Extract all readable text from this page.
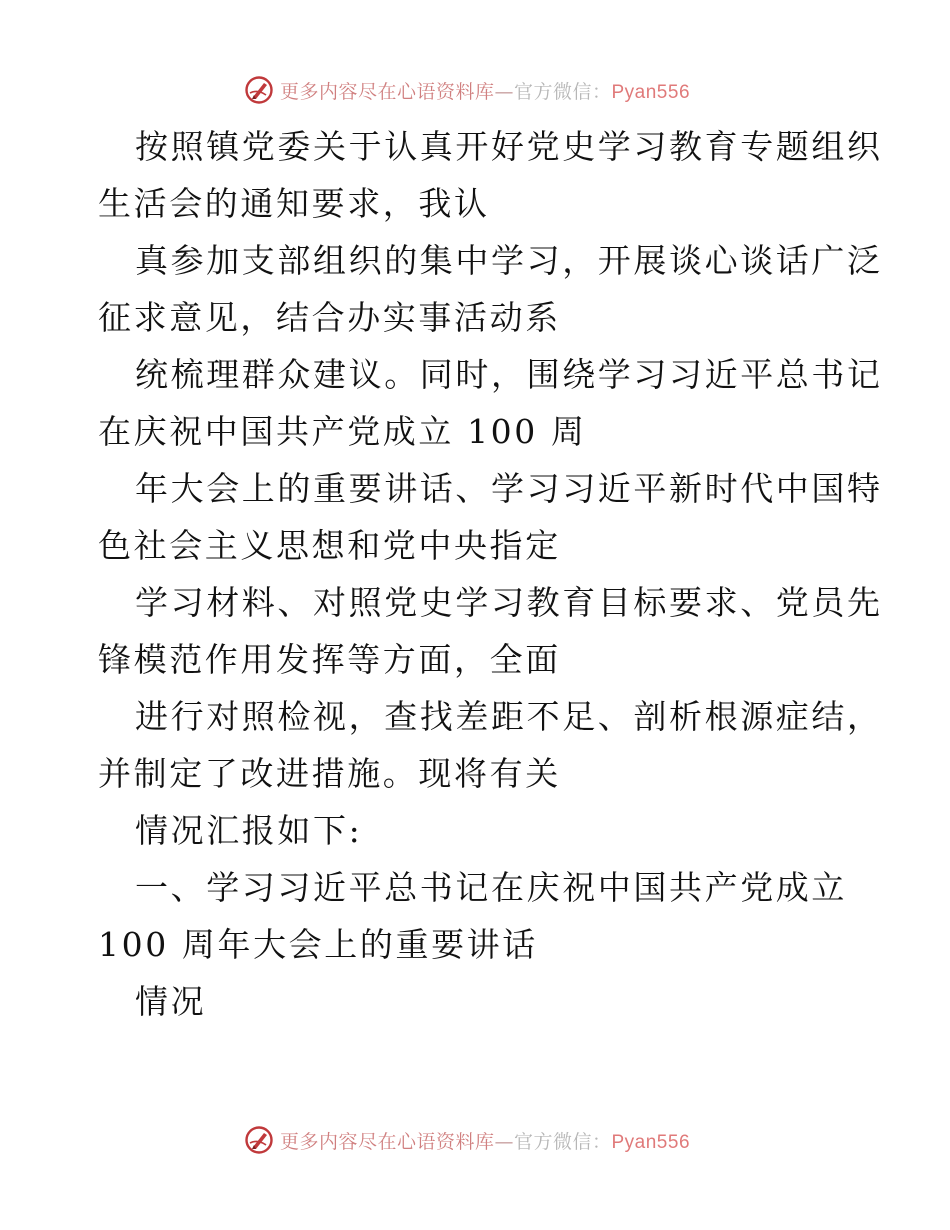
更多内容尽在心语资料库—官方微信：Pyan556
按照镇党委关于认真开好党史学习教育专题组织
生活会的通知要求，我认
真参加支部组织的集中学习，开展谈心谈话广泛
征求意见，结合办实事活动系
统梳理群众建议。同时，围绕学习习近平总书记
在庆祝中国共产党成立 100 周
年大会上的重要讲话、学习习近平新时代中国特
色社会主义思想和党中央指定
学习材料、对照党史学习教育目标要求、党员先
锋模范作用发挥等方面，全面
进行对照检视，查找差距不足、剖析根源症结，
并制定了改进措施。现将有关
情况汇报如下:
一、学习习近平总书记在庆祝中国共产党成立
100 周年大会上的重要讲话
情况
更多内容尽在心语资料库—官方微信：Pyan556
